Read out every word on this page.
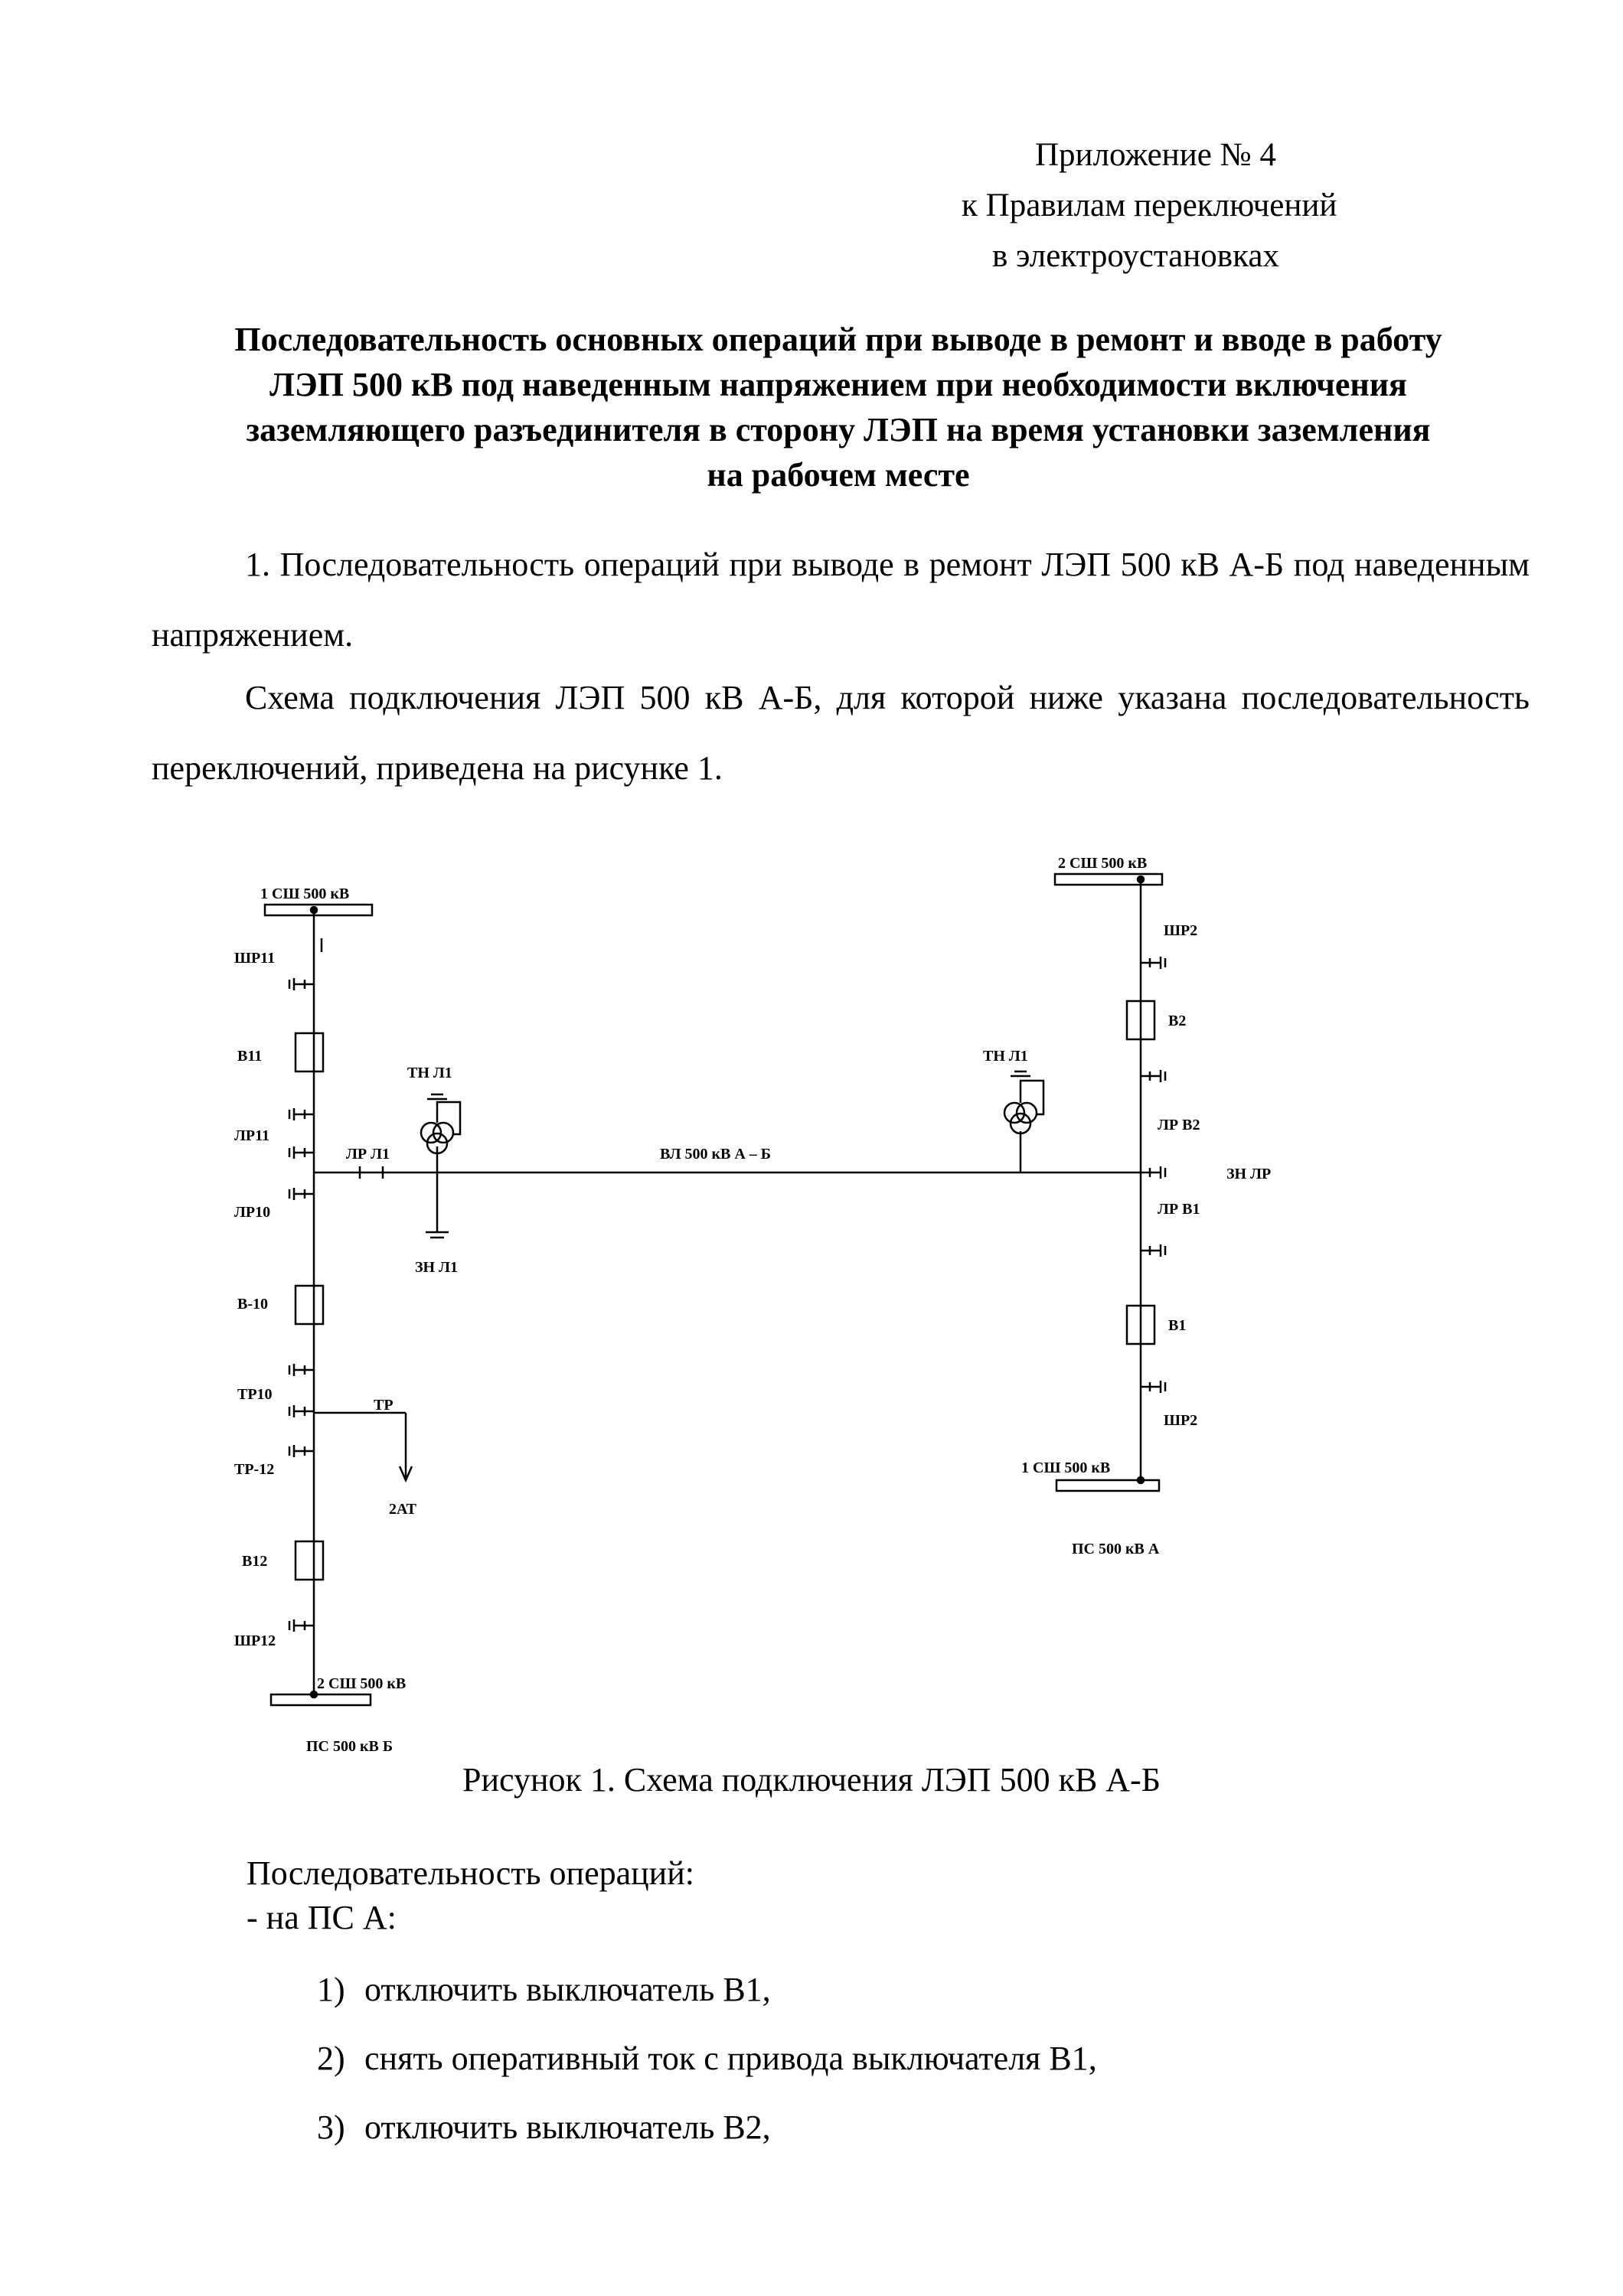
Приложение № 4
к Правилам переключений
в электроустановках
Последовательность основных операций при выводе в ремонт и вводе в работу
ЛЭП 500 кВ под наведенным напряжением при необходимости включения
заземляющего разъединителя в сторону ЛЭП на время установки заземления
на рабочем месте
1. Последовательность операций при выводе в ремонт ЛЭП 500 кВ А-Б под наведенным напряжением.
Схема подключения ЛЭП 500 кВ А-Б, для которой ниже указана последовательность переключений, приведена на рисунке 1.
1 СШ 500 кВ
ШР11
В11
ЛР11
ЛР10
В-10
ТР10
ТР-12
В12
ШР12
2 СШ 500 кВ
ПС 500 кВ Б
ЛР Л1
ТН Л1
ЗН Л1
ТР
2АТ
ВЛ 500 кВ А – Б
ТН Л1
2 СШ 500 кВ
ШР2
В2
ЛР В2
ЗН ЛР
ЛР В1
В1
ШР2
1 СШ 500 кВ
ПС 500 кВ А
Рисунок 1. Схема подключения ЛЭП 500 кВ А-Б
Последовательность операций:
- на ПС А:
1) отключить выключатель В1,
2) снять оперативный ток с привода выключателя В1,
3) отключить выключатель В2,
